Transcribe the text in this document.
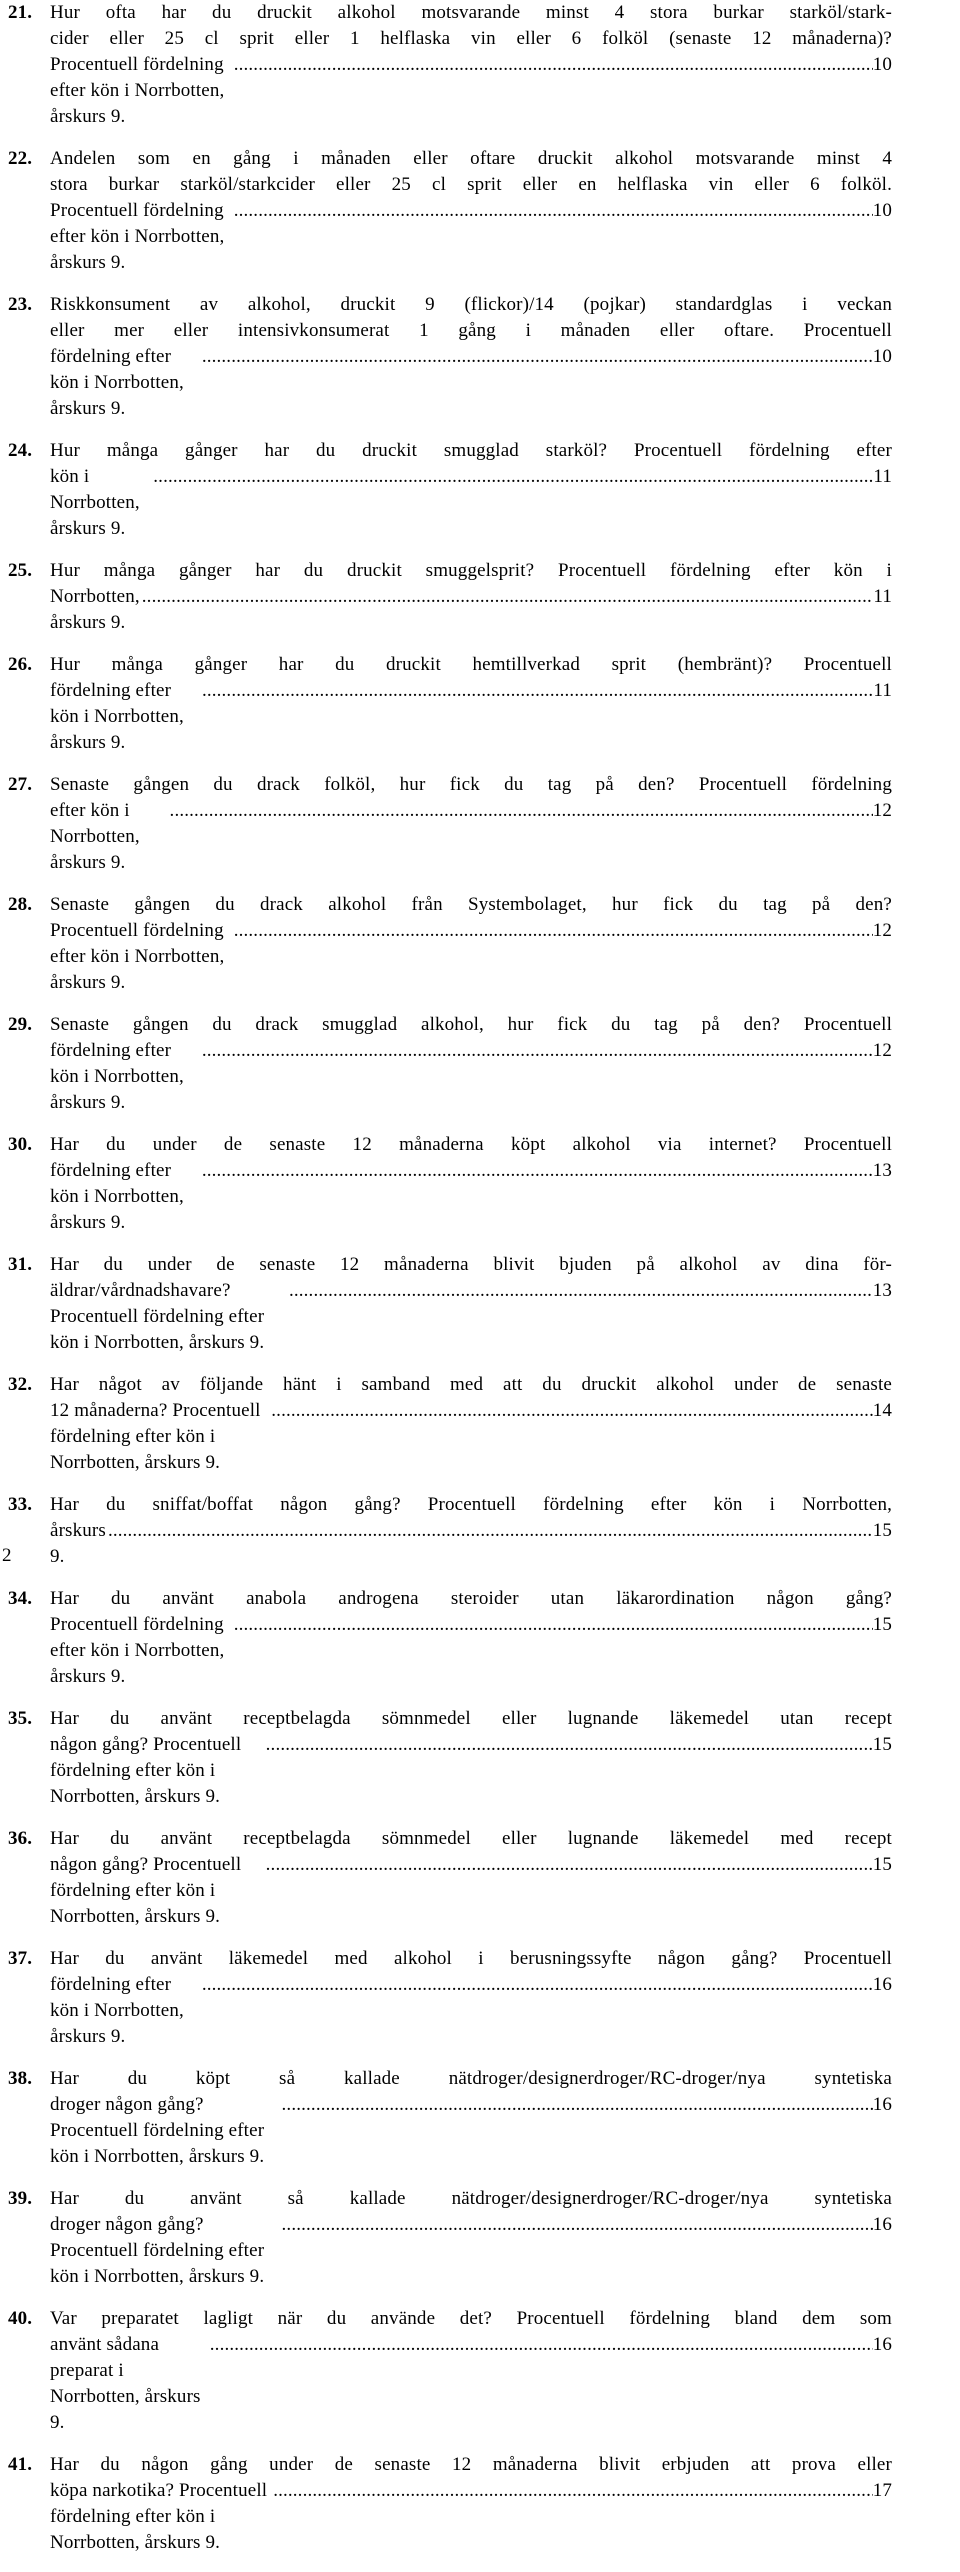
21. Hur ofta har du druckit alkohol motsvarande minst 4 stora burkar starköl/stark-
cider eller 25 cl sprit eller 1 helflaska vin eller 6 folköl (senaste 12 månaderna)?
Procentuell fördelning efter kön i Norrbotten, årskurs 9.
.....
10
22. Andelen som en gång i månaden eller oftare druckit alkohol motsvarande minst 4
stora burkar starköl/starkcider eller 25 cl sprit eller en helflaska vin eller 6 folköl.
Procentuell fördelning efter kön i Norrbotten, årskurs 9.
.....
10
23. Riskkonsument av alkohol, druckit 9 (flickor)/14 (pojkar) standardglas i veckan
eller mer eller intensivkonsumerat 1 gång i månaden eller oftare. Procentuell
fördelning efter kön i Norrbotten, årskurs 9.
.....
10
24. Hur många gånger har du druckit smugglad starköl? Procentuell fördelning efter
kön i Norrbotten, årskurs 9.
.....
11
25. Hur många gånger har du druckit smuggelsprit? Procentuell fördelning efter kön i
Norrbotten, årskurs 9.
.....
11
26. Hur många gånger har du druckit hemtillverkad sprit (hembränt)? Procentuell
fördelning efter kön i Norrbotten, årskurs 9.
.....
11
27. Senaste gången du drack folköl, hur fick du tag på den? Procentuell fördelning
efter kön i Norrbotten, årskurs 9.
.....
12
28. Senaste gången du drack alkohol från Systembolaget, hur fick du tag på den?
Procentuell fördelning efter kön i Norrbotten, årskurs 9.
.....
12
29. Senaste gången du drack smugglad alkohol, hur fick du tag på den? Procentuell
fördelning efter kön i Norrbotten, årskurs 9.
.....
12
30. Har du under de senaste 12 månaderna köpt alkohol via internet? Procentuell
fördelning efter kön i Norrbotten, årskurs 9.
.....
13
31. Har du under de senaste 12 månaderna blivit bjuden på alkohol av dina för-
äldrar/vårdnadshavare? Procentuell fördelning efter kön i Norrbotten, årskurs 9.
.....
13
32. Har något av följande hänt i samband med att du druckit alkohol under de senaste
12 månaderna? Procentuell fördelning efter kön i Norrbotten, årskurs 9.
.....
14
33. Har du sniffat/boffat någon gång? Procentuell fördelning efter kön i Norrbotten,
årskurs 9.
.....
15
34. Har du använt anabola androgena steroider utan läkarordination någon gång?
Procentuell fördelning efter kön i Norrbotten, årskurs 9.
.....
15
35. Har du använt receptbelagda sömnmedel eller lugnande läkemedel utan recept
någon gång? Procentuell fördelning efter kön i Norrbotten, årskurs 9.
.....
15
36. Har du använt receptbelagda sömnmedel eller lugnande läkemedel med recept
någon gång? Procentuell fördelning efter kön i Norrbotten, årskurs 9.
.....
15
37. Har du använt läkemedel med alkohol i berusningssyfte någon gång? Procentuell
fördelning efter kön i Norrbotten, årskurs 9.
.....
16
38. Har du köpt så kallade nätdroger/designerdroger/RC-droger/nya syntetiska
droger någon gång? Procentuell fördelning efter kön i Norrbotten, årskurs 9.
.....
16
39. Har du använt så kallade nätdroger/designerdroger/RC-droger/nya syntetiska
droger någon gång? Procentuell fördelning efter kön i Norrbotten, årskurs 9.
.....
16
40. Var preparatet lagligt när du använde det? Procentuell fördelning bland dem som
använt sådana preparat i Norrbotten, årskurs 9.
.....
16
41. Har du någon gång under de senaste 12 månaderna blivit erbjuden att prova eller
köpa narkotika? Procentuell fördelning efter kön i Norrbotten, årskurs 9.
.....
17
2
